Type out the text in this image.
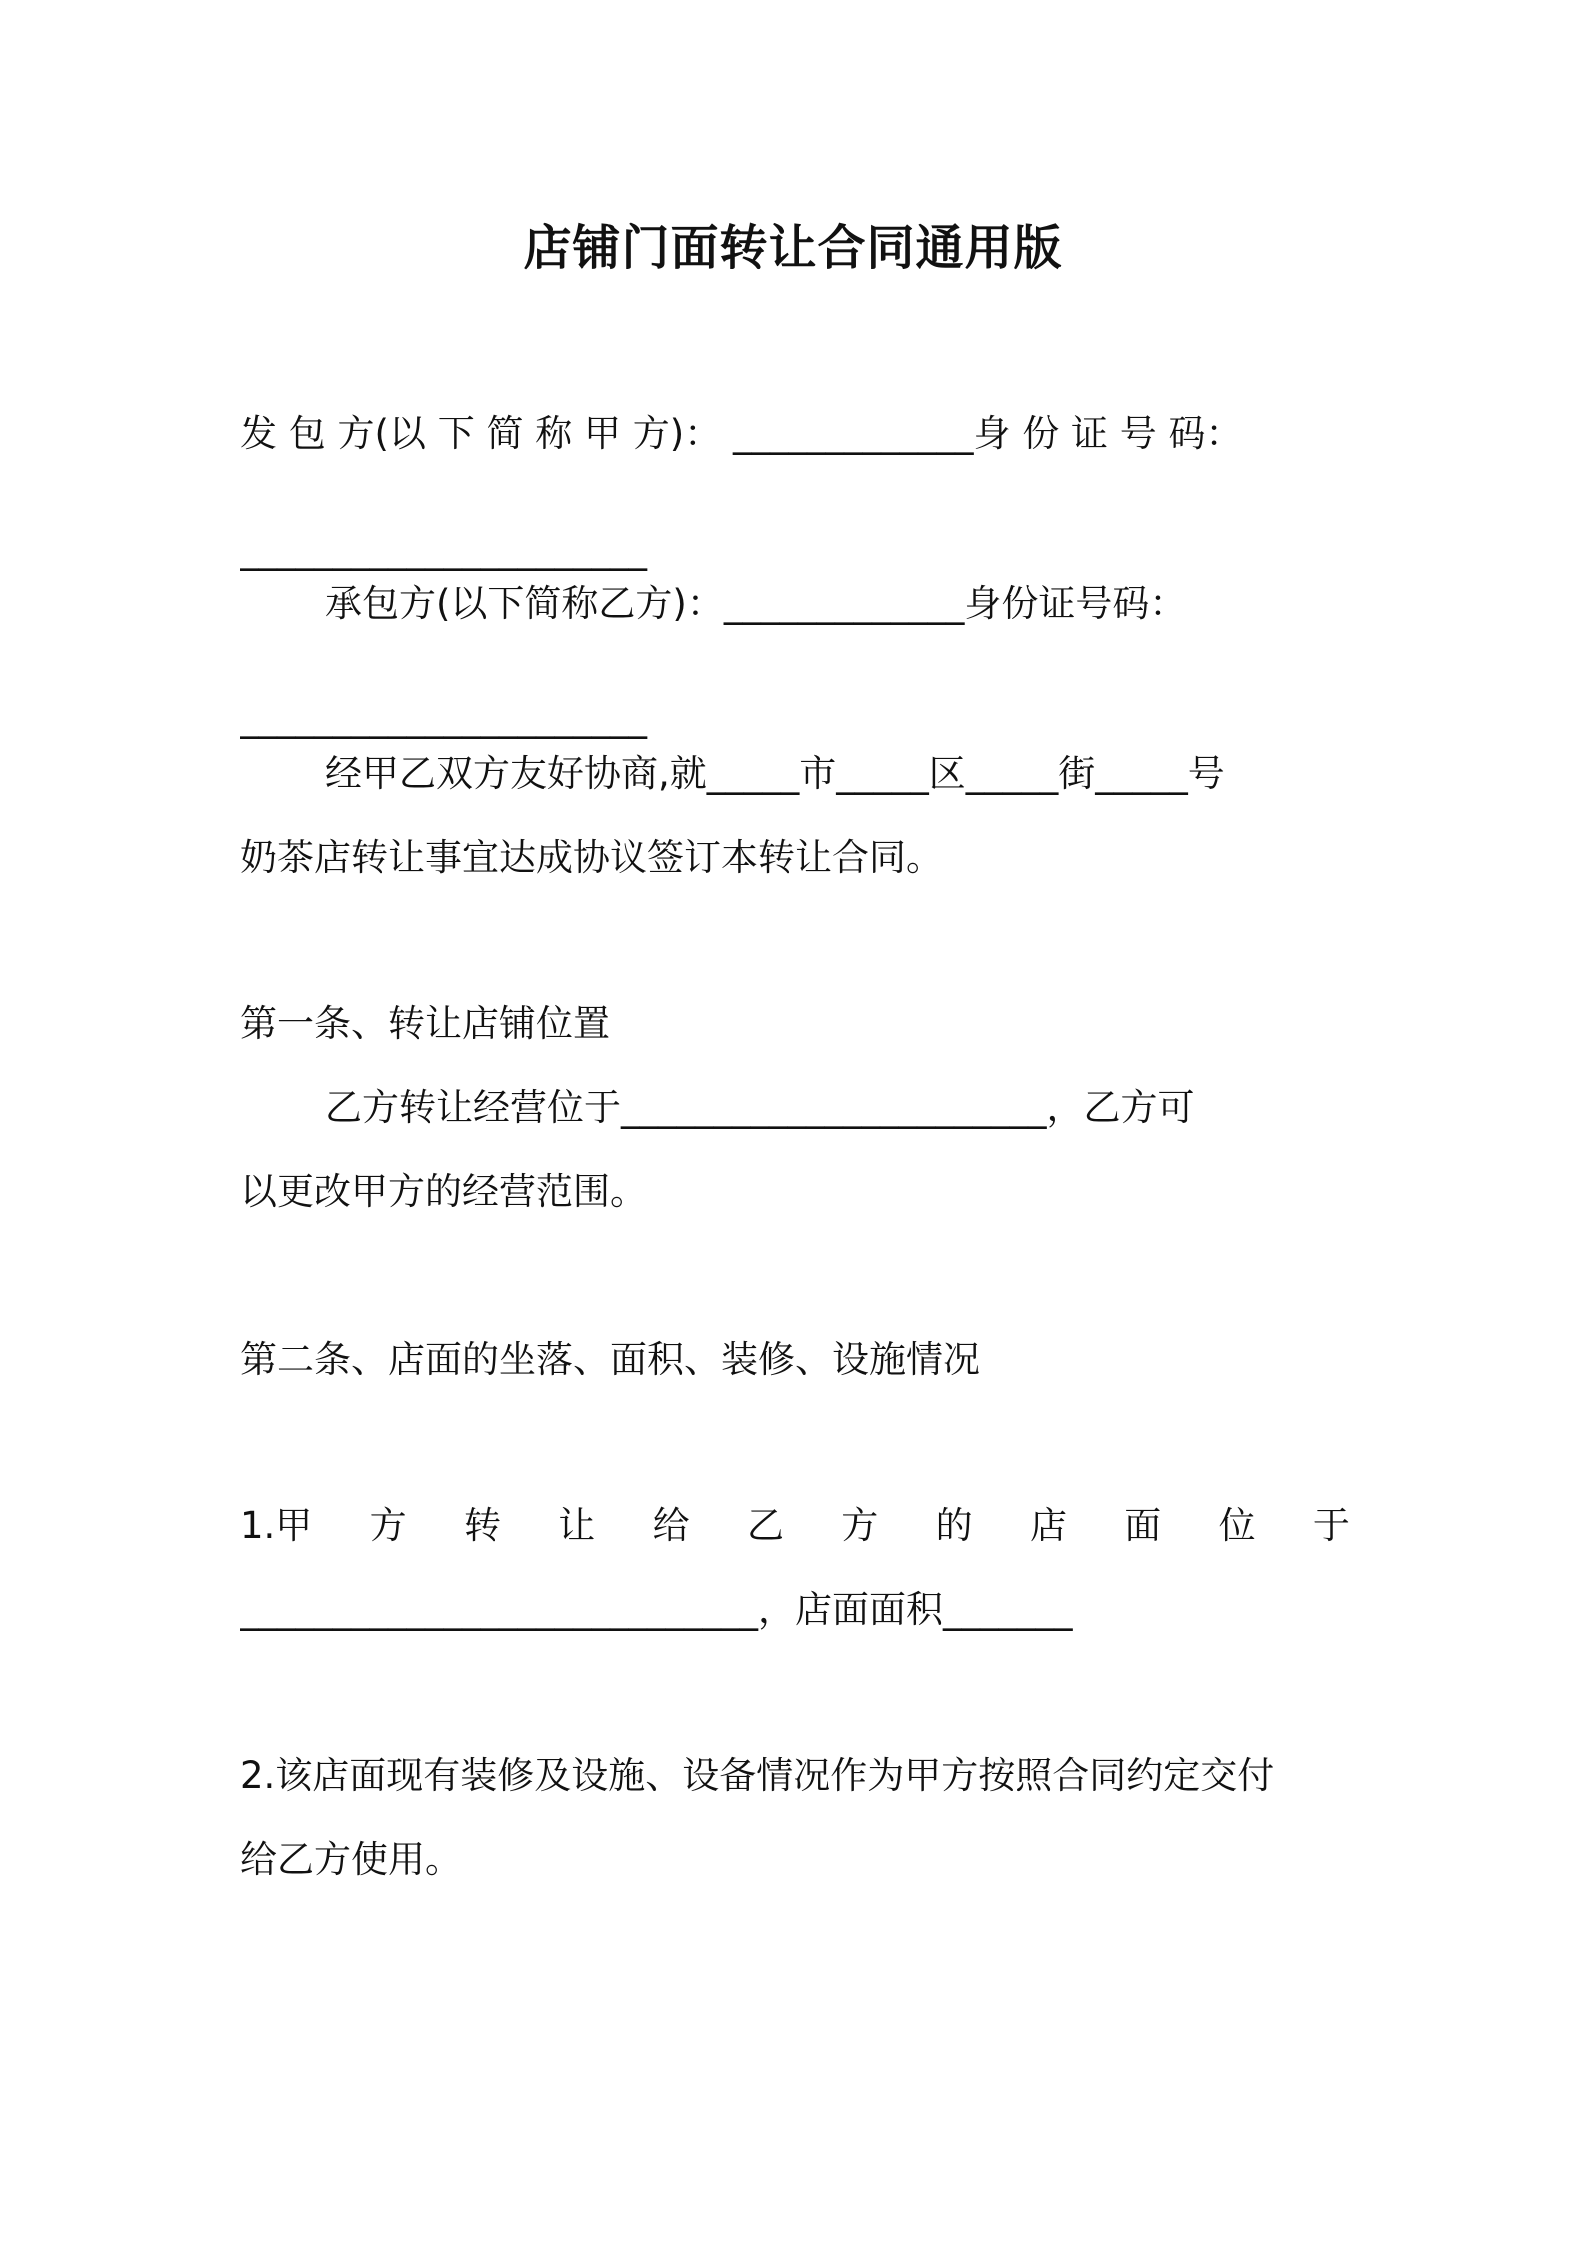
店铺门面转让合同通用版
发 包 方(以 下 简 称 甲 方)： _____________身 份 证 号 码：
______________________
承包方(以下简称乙方)：_____________身份证号码：
______________________
经甲乙双方友好协商,就_____市_____区_____街_____号
奶茶店转让事宜达成协议签订本转让合同。
第一条、转让店铺位置
乙方转让经营位于_______________________，乙方可
以更改甲方的经营范围。
第二条、店面的坐落、面积、装修、设施情况
1.甲 方 转 让 给 乙 方 的 店 面 位 于
____________________________，店面面积_______
2.该店面现有装修及设施、设备情况作为甲方按照合同约定交付
给乙方使用。
